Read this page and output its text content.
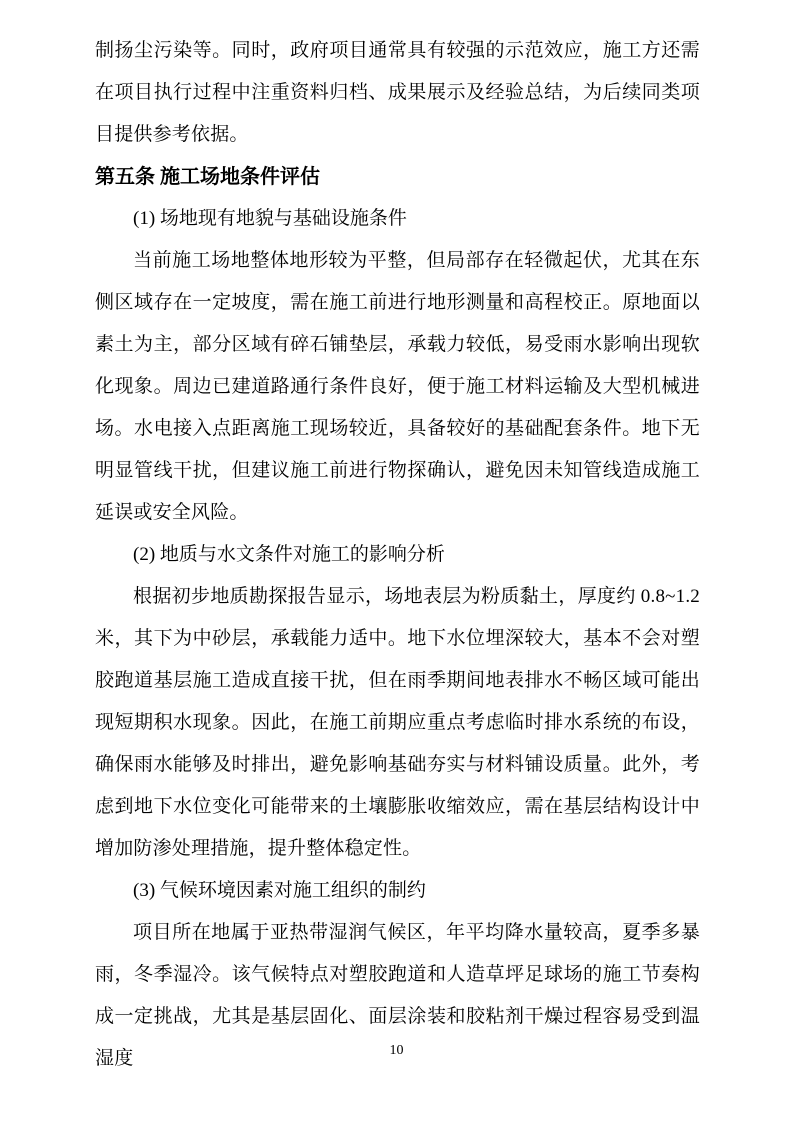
制扬尘污染等。同时，政府项目通常具有较强的示范效应，施工方还需在项目执行过程中注重资料归档、成果展示及经验总结，为后续同类项目提供参考依据。

第五条 施工场地条件评估

(1) 场地现有地貌与基础设施条件

当前施工场地整体地形较为平整，但局部存在轻微起伏，尤其在东侧区域存在一定坡度，需在施工前进行地形测量和高程校正。原地面以素土为主，部分区域有碎石铺垫层，承载力较低，易受雨水影响出现软化现象。周边已建道路通行条件良好，便于施工材料运输及大型机械进场。水电接入点距离施工现场较近，具备较好的基础配套条件。地下无明显管线干扰，但建议施工前进行物探确认，避免因未知管线造成施工延误或安全风险。

(2) 地质与水文条件对施工的影响分析

根据初步地质勘探报告显示，场地表层为粉质黏土，厚度约 0.8~1.2米，其下为中砂层，承载能力适中。地下水位埋深较大，基本不会对塑胶跑道基层施工造成直接干扰，但在雨季期间地表排水不畅区域可能出现短期积水现象。因此，在施工前期应重点考虑临时排水系统的布设，确保雨水能够及时排出，避免影响基础夯实与材料铺设质量。此外，考虑到地下水位变化可能带来的土壤膨胀收缩效应，需在基层结构设计中增加防渗处理措施，提升整体稳定性。

(3) 气候环境因素对施工组织的制约

项目所在地属于亚热带湿润气候区，年平均降水量较高，夏季多暴雨，冬季湿冷。该气候特点对塑胶跑道和人造草坪足球场的施工节奏构成一定挑战，尤其是基层固化、面层涂装和胶粘剂干燥过程容易受到温湿度	10
